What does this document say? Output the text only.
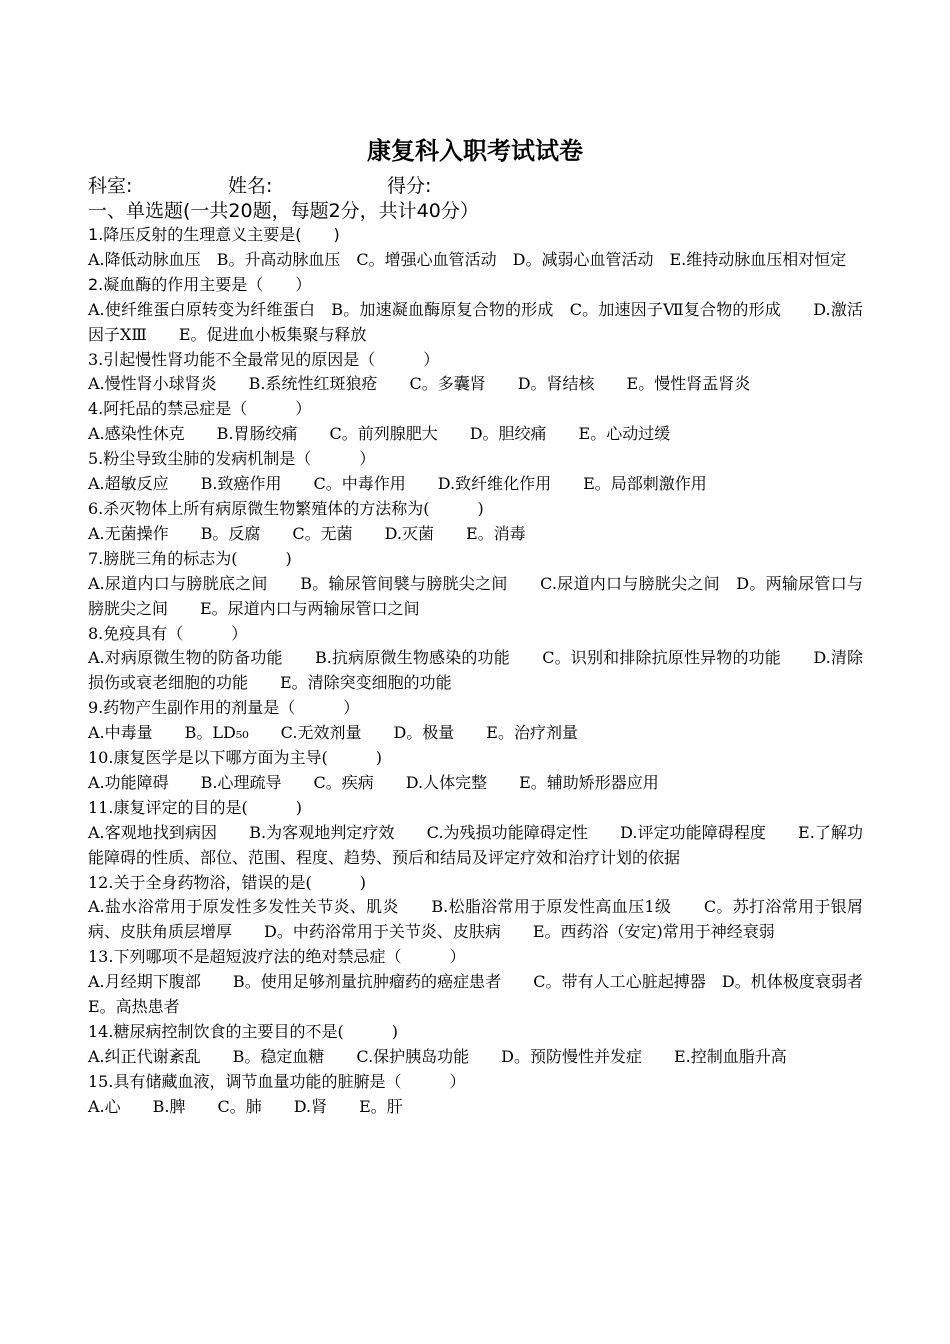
康复科入职考试试卷
科室:	姓名:	得分:
一、单选题(一共20题，每题2分，共计40分）

1.降压反射的生理意义主要是(　　)

A.降低动脉血压　B。升高动脉血压　C。增强心血管活动　D。减弱心血管活动　E.维持动脉血压相对恒定

2.凝血酶的作用主要是（　　）

A.使纤维蛋白原转变为纤维蛋白　B。加速凝血酶原复合物的形成　C。加速因子Ⅶ复合物的形成　　D.激活因子ⅩⅢ　　E。促进血小板集聚与释放

3.引起慢性肾功能不全最常见的原因是（　　　）

A.慢性肾小球肾炎　　B.系统性红斑狼疮　　C。多囊肾　　D。肾结核　　E。慢性肾盂肾炎

4.阿托品的禁忌症是（　　　）

A.感染性休克　　B.胃肠绞痛　　C。前列腺肥大　　D。胆绞痛　　E。心动过缓

5.粉尘导致尘肺的发病机制是（　　　）

A.超敏反应　　B.致癌作用　　C。中毒作用　　D.致纤维化作用　　E。局部刺激作用

6.杀灭物体上所有病原微生物繁殖体的方法称为(　　　)

A.无菌操作　　B。反腐　　C。无菌　　D.灭菌　　E。消毒

7.膀胱三角的标志为(　　　)

A.尿道内口与膀胱底之间　　B。输尿管间襞与膀胱尖之间　　C.尿道内口与膀胱尖之间　D。两输尿管口与膀胱尖之间　　E。尿道内口与两输尿管口之间

8.免疫具有（　　　）

A.对病原微生物的防备功能　　B.抗病原微生物感染的功能　　C。识别和排除抗原性异物的功能　　D.清除损伤或衰老细胞的功能　　E。清除突变细胞的功能

9.药物产生副作用的剂量是（　　　）

A.中毒量　　B。LD₅₀　　C.无效剂量　　D。极量　　E。治疗剂量

10.康复医学是以下哪方面为主导(　　　)

A.功能障碍　　B.心理疏导　　C。疾病　　D.人体完整　　E。辅助矫形器应用

11.康复评定的目的是(　　　)

A.客观地找到病因　　B.为客观地判定疗效　　C.为残损功能障碍定性　　D.评定功能障碍程度　　E.了解功能障碍的性质、部位、范围、程度、趋势、预后和结局及评定疗效和治疗计划的依据

12.关于全身药物浴，错误的是(　　　)

A.盐水浴常用于原发性多发性关节炎、肌炎　　B.松脂浴常用于原发性高血压1级　　C。苏打浴常用于银屑病、皮肤角质层增厚　　D。中药浴常用于关节炎、皮肤病　　E。西药浴（安定)常用于神经衰弱

13.下列哪项不是超短波疗法的绝对禁忌症（　　　）

A.月经期下腹部　　B。使用足够剂量抗肿瘤药的癌症患者　　C。带有人工心脏起搏器　D。机体极度衰弱者　　E。高热患者

14.糖尿病控制饮食的主要目的不是(　　　)

A.纠正代谢紊乱　　B。稳定血糖　　C.保护胰岛功能　　D。预防慢性并发症　　E.控制血脂升高

15.具有储藏血液，调节血量功能的脏腑是（　　　）

A.心　　B.脾　　C。肺　　D.肾　　E。肝
